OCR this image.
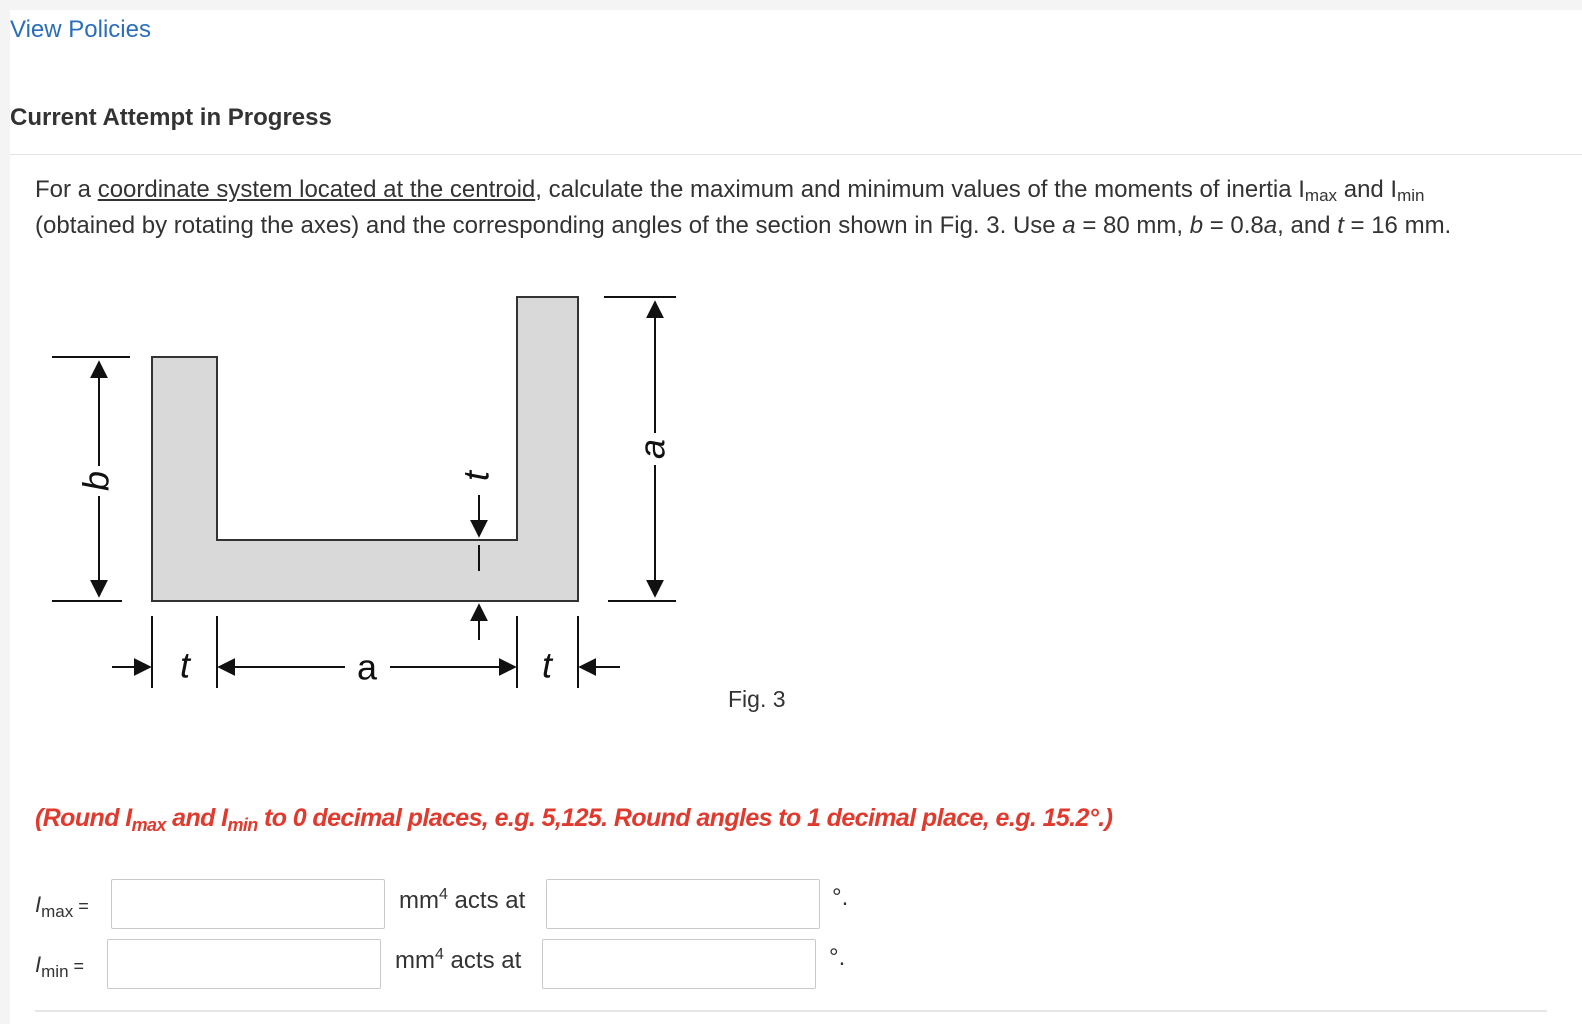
View Policies
Current Attempt in Progress
For a coordinate system located at the centroid, calculate the maximum and minimum values of the moments of inertia $I_{max}$ and $I_{min}$
(obtained by rotating the axes) and the corresponding angles of the section shown in Fig. 3. Use a = 80 mm, b = 0.8a, and t = 16 mm.
b
a
t
t	a	t
Fig. 3
(Round $I_{max}$ and $I_{min}$ to 0 decimal places, e.g. 5,125. Round angles to 1 decimal place, e.g. 15.2°.)
$I_{max}$ =	$mm^4$ acts at	°.
$I_{min}$ =	$mm^4$ acts at	°.
